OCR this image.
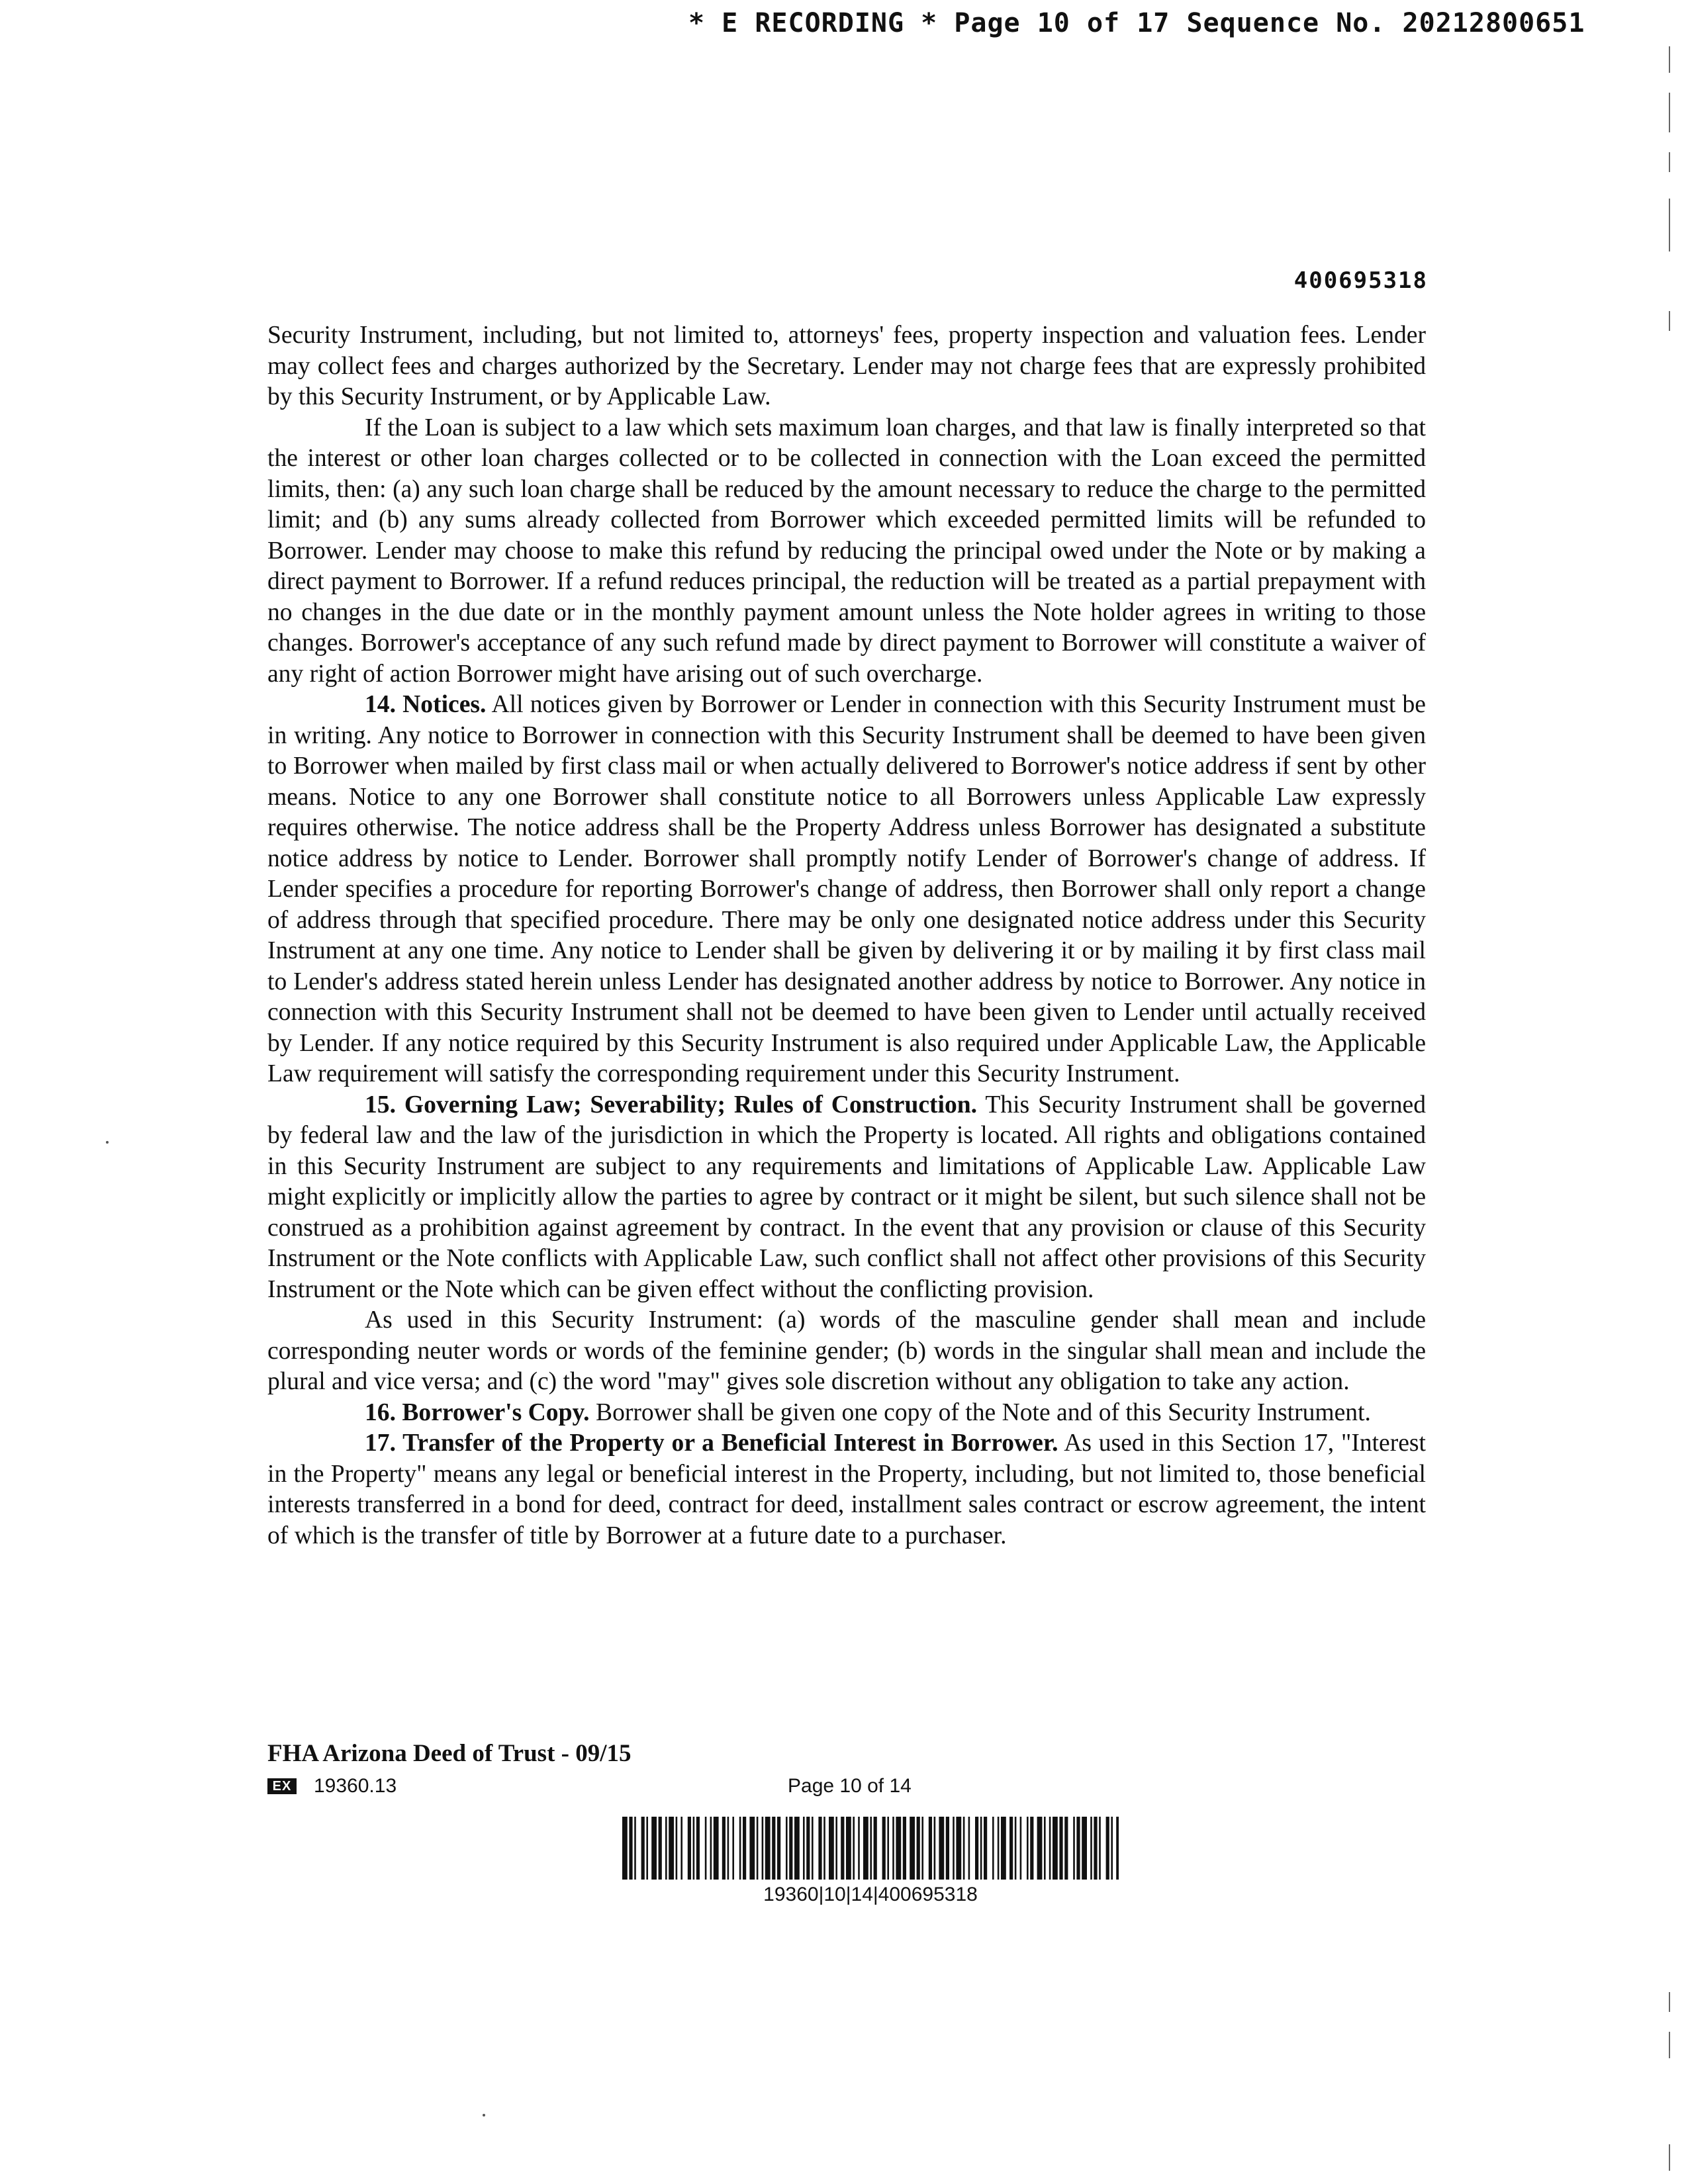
* E RECORDING * Page 10 of 17 Sequence No. 20212800651
400695318

Security Instrument, including, but not limited to, attorneys' fees, property inspection and valuation fees. Lender may collect fees and charges authorized by the Secretary. Lender may not charge fees that are expressly prohibited by this Security Instrument, or by Applicable Law.

If the Loan is subject to a law which sets maximum loan charges, and that law is finally interpreted so that the interest or other loan charges collected or to be collected in connection with the Loan exceed the permitted limits, then: (a) any such loan charge shall be reduced by the amount necessary to reduce the charge to the permitted limit; and (b) any sums already collected from Borrower which exceeded permitted limits will be refunded to Borrower. Lender may choose to make this refund by reducing the principal owed under the Note or by making a direct payment to Borrower. If a refund reduces principal, the reduction will be treated as a partial prepayment with no changes in the due date or in the monthly payment amount unless the Note holder agrees in writing to those changes. Borrower's acceptance of any such refund made by direct payment to Borrower will constitute a waiver of any right of action Borrower might have arising out of such overcharge.

14. Notices. All notices given by Borrower or Lender in connection with this Security Instrument must be in writing. Any notice to Borrower in connection with this Security Instrument shall be deemed to have been given to Borrower when mailed by first class mail or when actually delivered to Borrower's notice address if sent by other means. Notice to any one Borrower shall constitute notice to all Borrowers unless Applicable Law expressly requires otherwise. The notice address shall be the Property Address unless Borrower has designated a substitute notice address by notice to Lender. Borrower shall promptly notify Lender of Borrower's change of address. If Lender specifies a procedure for reporting Borrower's change of address, then Borrower shall only report a change of address through that specified procedure. There may be only one designated notice address under this Security Instrument at any one time. Any notice to Lender shall be given by delivering it or by mailing it by first class mail to Lender's address stated herein unless Lender has designated another address by notice to Borrower. Any notice in connection with this Security Instrument shall not be deemed to have been given to Lender until actually received by Lender. If any notice required by this Security Instrument is also required under Applicable Law, the Applicable Law requirement will satisfy the corresponding requirement under this Security Instrument.

15. Governing Law; Severability; Rules of Construction. This Security Instrument shall be governed by federal law and the law of the jurisdiction in which the Property is located. All rights and obligations contained in this Security Instrument are subject to any requirements and limitations of Applicable Law. Applicable Law might explicitly or implicitly allow the parties to agree by contract or it might be silent, but such silence shall not be construed as a prohibition against agreement by contract. In the event that any provision or clause of this Security Instrument or the Note conflicts with Applicable Law, such conflict shall not affect other provisions of this Security Instrument or the Note which can be given effect without the conflicting provision.

As used in this Security Instrument: (a) words of the masculine gender shall mean and include corresponding neuter words or words of the feminine gender; (b) words in the singular shall mean and include the plural and vice versa; and (c) the word "may" gives sole discretion without any obligation to take any action.

16. Borrower's Copy. Borrower shall be given one copy of the Note and of this Security Instrument.

17. Transfer of the Property or a Beneficial Interest in Borrower. As used in this Section 17, "Interest in the Property" means any legal or beneficial interest in the Property, including, but not limited to, those beneficial interests transferred in a bond for deed, contract for deed, installment sales contract or escrow agreement, the intent of which is the transfer of title by Borrower at a future date to a purchaser.

FHA Arizona Deed of Trust - 09/15
EX 19360.13	Page 10 of 14
19360|10|14|400695318
